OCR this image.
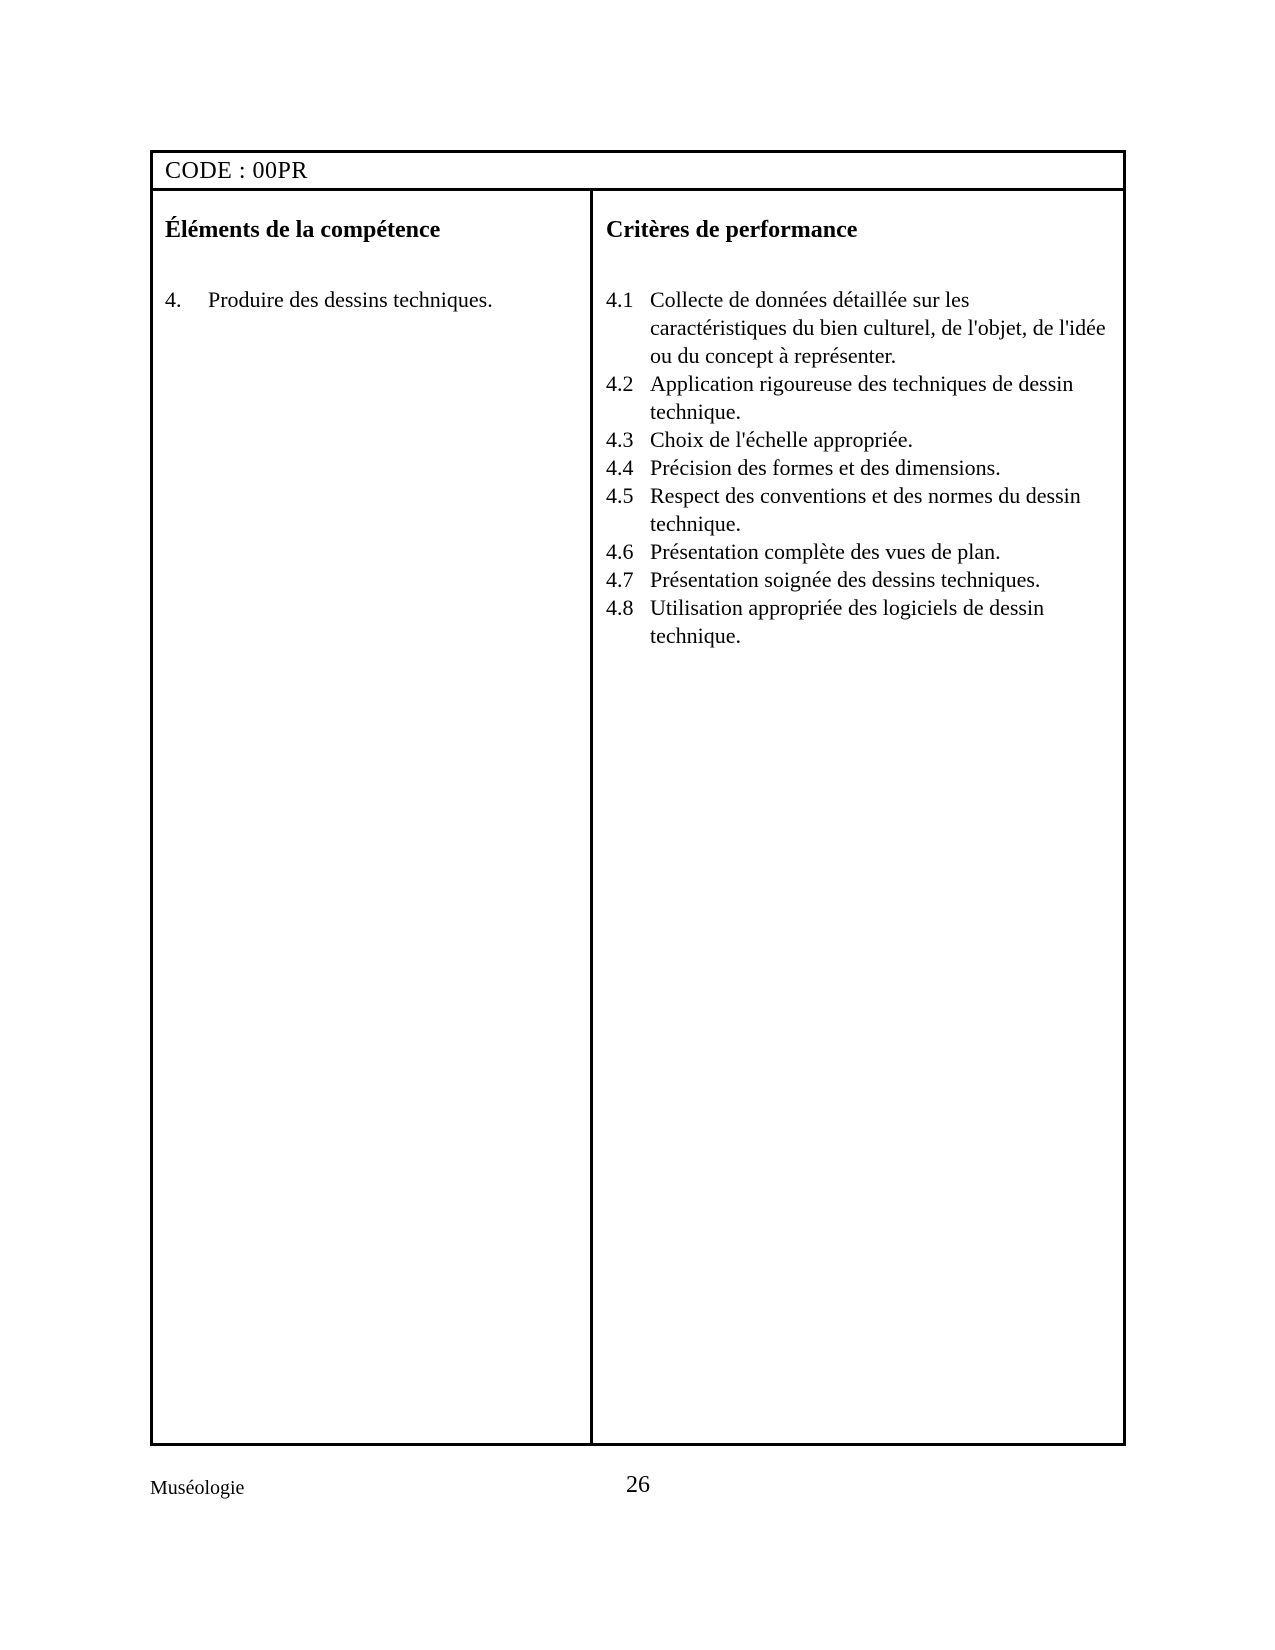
CODE : 00PR
Éléments de la compétence
4. Produire des dessins techniques.
Critères de performance
4.1 Collecte de données détaillée sur les caractéristiques du bien culturel, de l'objet, de l'idée ou du concept à représenter.
4.2 Application rigoureuse des techniques de dessin technique.
4.3 Choix de l'échelle appropriée.
4.4 Précision des formes et des dimensions.
4.5 Respect des conventions et des normes du dessin technique.
4.6 Présentation complète des vues de plan.
4.7 Présentation soignée des dessins techniques.
4.8 Utilisation appropriée des logiciels de dessin technique.
Muséologie	26
